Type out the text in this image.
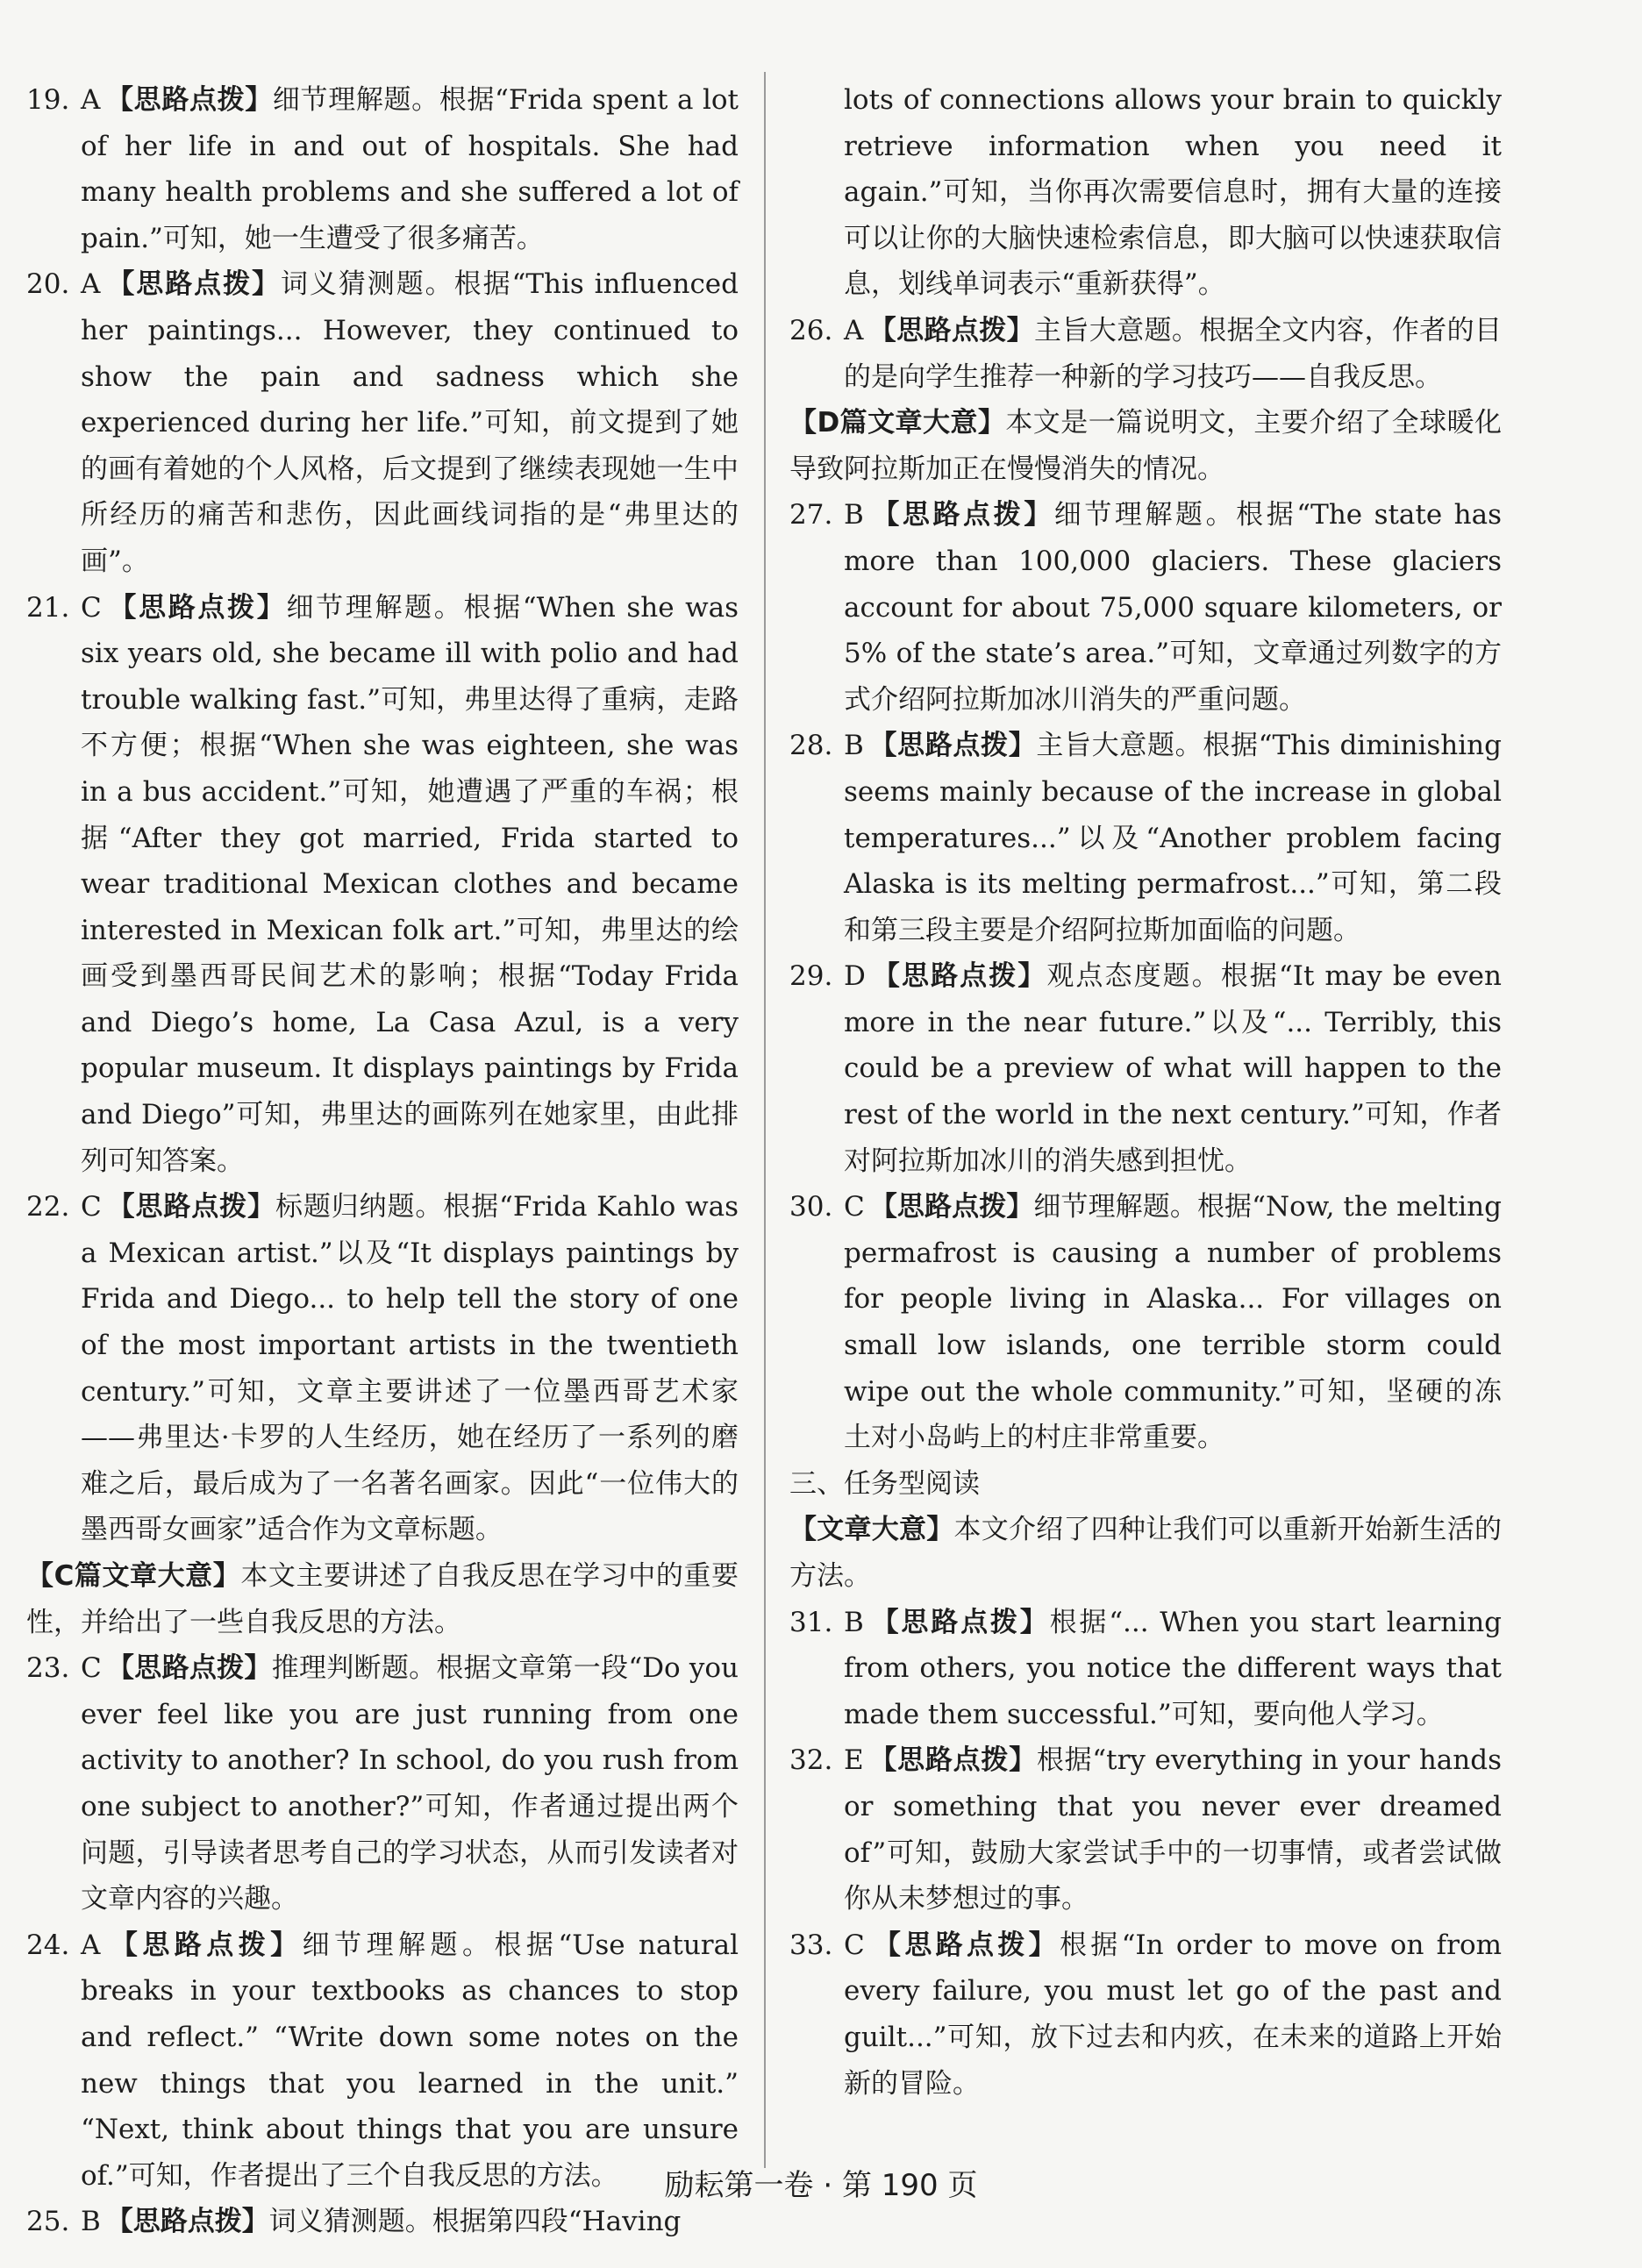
19. A 【思路点拨】细节理解题。根据“Frida spent a lot of her life in and out of hospitals. She had many health problems and she suffered a lot of pain.”可知，她一生遭受了很多痛苦。
20. A 【思路点拨】词义猜测题。根据“This influenced her paintings... However, they continued to show the pain and sadness which she experienced during her life.”可知，前文提到了她的画有着她的个人风格，后文提到了继续表现她一生中所经历的痛苦和悲伤，因此画线词指的是“弗里达的画”。
21. C 【思路点拨】细节理解题。根据“When she was six years old, she became ill with polio and had trouble walking fast.”可知，弗里达得了重病，走路不方便；根据“When she was eighteen, she was in a bus accident.”可知，她遭遇了严重的车祸；根据“After they got married, Frida started to wear traditional Mexican clothes and became interested in Mexican folk art.”可知，弗里达的绘画受到墨西哥民间艺术的影响；根据“Today Frida and Diego’s home, La Casa Azul, is a very popular museum. It displays paintings by Frida and Diego”可知，弗里达的画陈列在她家里，由此排列可知答案。
22. C 【思路点拨】标题归纳题。根据“Frida Kahlo was a Mexican artist.”以及“It displays paintings by Frida and Diego... to help tell the story of one of the most important artists in the twentieth century.”可知，文章主要讲述了一位墨西哥艺术家——弗里达·卡罗的人生经历，她在经历了一系列的磨难之后，最后成为了一名著名画家。因此“一位伟大的墨西哥女画家”适合作为文章标题。
【C篇文章大意】本文主要讲述了自我反思在学习中的重要性，并给出了一些自我反思的方法。
23. C 【思路点拨】推理判断题。根据文章第一段“Do you ever feel like you are just running from one activity to another? In school, do you rush from one subject to another?”可知，作者通过提出两个问题，引导读者思考自己的学习状态，从而引发读者对文章内容的兴趣。
24. A 【思路点拨】细节理解题。根据“Use natural breaks in your textbooks as chances to stop and reflect.” “Write down some notes on the new things that you learned in the unit.” “Next, think about things that you are unsure of.”可知，作者提出了三个自我反思的方法。
25. B 【思路点拨】词义猜测题。根据第四段“Having
lots of connections allows your brain to quickly retrieve information when you need it again.”可知，当你再次需要信息时，拥有大量的连接可以让你的大脑快速检索信息，即大脑可以快速获取信息，划线单词表示“重新获得”。
26. A 【思路点拨】主旨大意题。根据全文内容，作者的目的是向学生推荐一种新的学习技巧——自我反思。
【D篇文章大意】本文是一篇说明文，主要介绍了全球暖化导致阿拉斯加正在慢慢消失的情况。
27. B 【思路点拨】细节理解题。根据“The state has more than 100,000 glaciers. These glaciers account for about 75,000 square kilometers, or 5% of the state’s area.”可知，文章通过列数字的方式介绍阿拉斯加冰川消失的严重问题。
28. B 【思路点拨】主旨大意题。根据“This diminishing seems mainly because of the increase in global temperatures...”以及“Another problem facing Alaska is its melting permafrost...”可知，第二段和第三段主要是介绍阿拉斯加面临的问题。
29. D 【思路点拨】观点态度题。根据“It may be even more in the near future.”以及“... Terribly, this could be a preview of what will happen to the rest of the world in the next century.”可知，作者对阿拉斯加冰川的消失感到担忧。
30. C 【思路点拨】细节理解题。根据“Now, the melting permafrost is causing a number of problems for people living in Alaska... For villages on small low islands, one terrible storm could wipe out the whole community.”可知，坚硬的冻土对小岛屿上的村庄非常重要。
三、任务型阅读
【文章大意】本文介绍了四种让我们可以重新开始新生活的方法。
31. B 【思路点拨】根据“... When you start learning from others, you notice the different ways that made them successful.”可知，要向他人学习。
32. E 【思路点拨】根据“try everything in your hands or something that you never ever dreamed of”可知，鼓励大家尝试手中的一切事情，或者尝试做你从未梦想过的事。
33. C 【思路点拨】根据“In order to move on from every failure, you must let go of the past and guilt...”可知，放下过去和内疚，在未来的道路上开始新的冒险。
励耘第一卷 · 第 190 页
